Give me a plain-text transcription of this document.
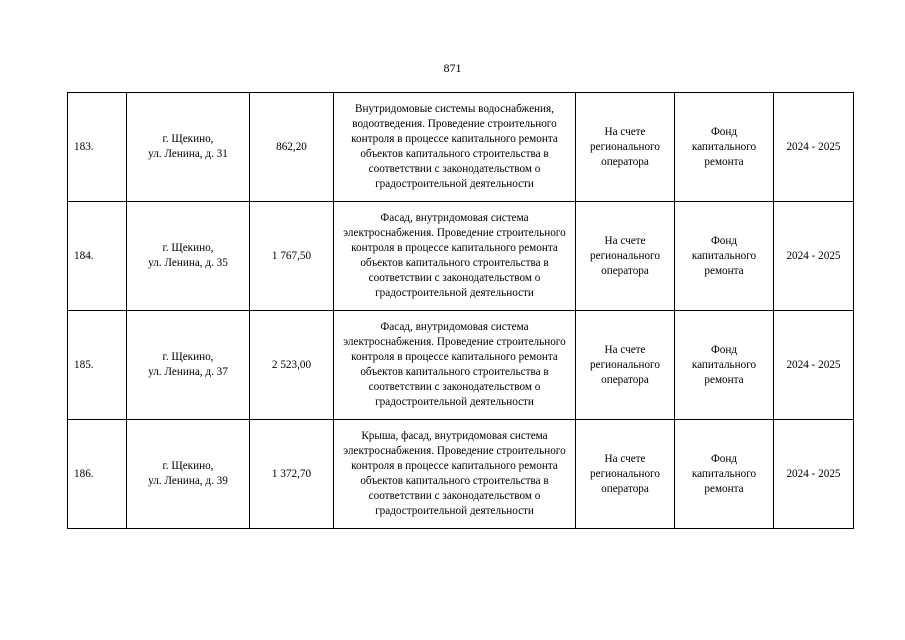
871
183.	г. Щекино,
ул. Ленина, д. 31	862,20	Внутридомовые системы водоснабжения, водоотведения. Проведение строительного контроля в процессе капитального ремонта объектов капитального строительства в соответствии с законодательством о градостроительной деятельности	На счете регионального оператора	Фонд капитального ремонта	2024 - 2025
184.	г. Щекино,
ул. Ленина, д. 35	1 767,50	Фасад, внутридомовая система электроснабжения. Проведение строительного контроля в процессе капитального ремонта объектов капитального строительства в соответствии с законодательством о градостроительной деятельности	На счете регионального оператора	Фонд капитального ремонта	2024 - 2025
185.	г. Щекино,
ул. Ленина, д. 37	2 523,00	Фасад, внутридомовая система электроснабжения. Проведение строительного контроля в процессе капитального ремонта объектов капитального строительства в соответствии с законодательством о градостроительной деятельности	На счете регионального оператора	Фонд капитального ремонта	2024 - 2025
186.	г. Щекино,
ул. Ленина, д. 39	1 372,70	Крыша, фасад, внутридомовая система электроснабжения. Проведение строительного контроля в процессе капитального ремонта объектов капитального строительства в соответствии с законодательством о градостроительной деятельности	На счете регионального оператора	Фонд капитального ремонта	2024 - 2025
